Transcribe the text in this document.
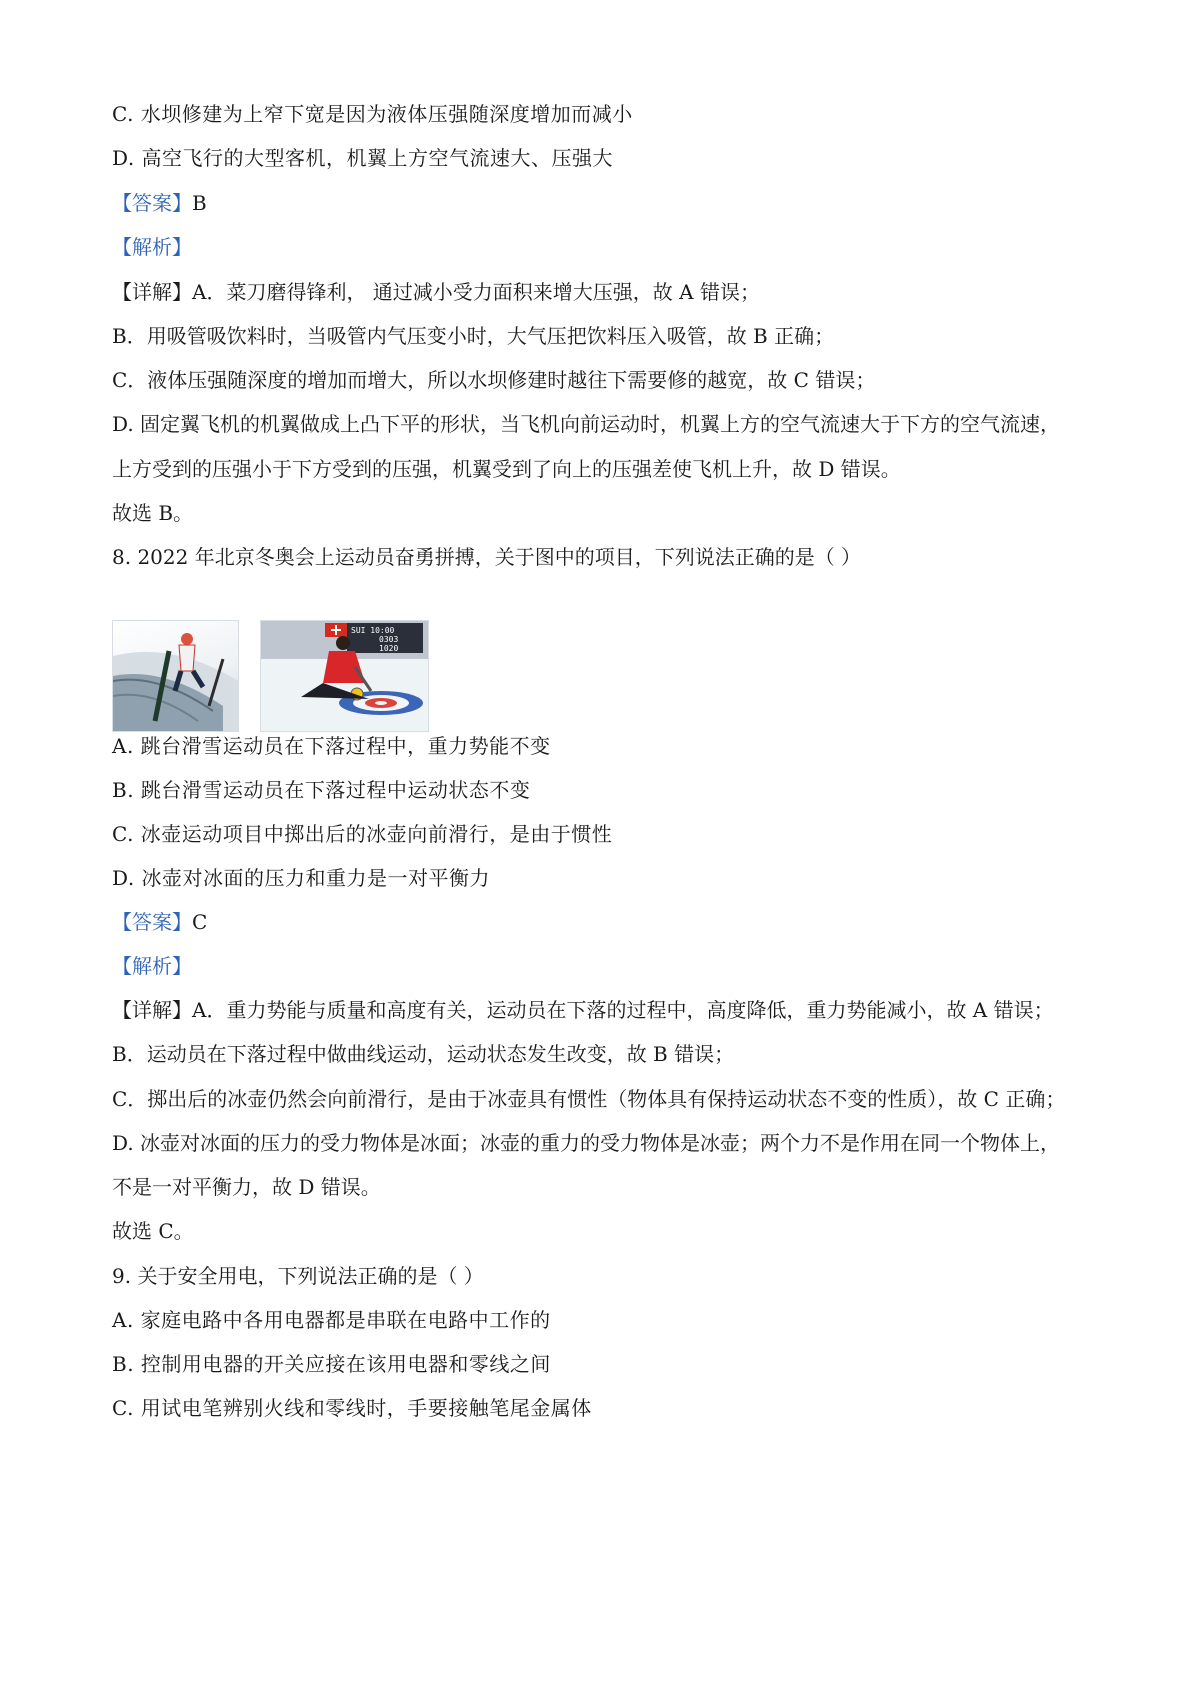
C. 水坝修建为上窄下宽是因为液体压强随深度增加而减小
D. 高空飞行的大型客机，机翼上方空气流速大、压强大
【答案】B
【解析】
【详解】A．菜刀磨得锋利， 通过减小受力面积来增大压强，故 A 错误；
B．用吸管吸饮料时，当吸管内气压变小时，大气压把饮料压入吸管，故 B 正确；
C．液体压强随深度的增加而增大，所以水坝修建时越往下需要修的越宽，故 C 错误；
D. 固定翼飞机的机翼做成上凸下平的形状，当飞机向前运动时，机翼上方的空气流速大于下方的空气流速，
上方受到的压强小于下方受到的压强，机翼受到了向上的压强差使飞机上升，故 D 错误。
故选 B。
8. 2022 年北京冬奥会上运动员奋勇拼搏，关于图中的项目，下列说法正确的是（ ）
SUI 10:00
0303
1020
A. 跳台滑雪运动员在下落过程中，重力势能不变
B. 跳台滑雪运动员在下落过程中运动状态不变
C. 冰壶运动项目中掷出后的冰壶向前滑行，是由于惯性
D. 冰壶对冰面的压力和重力是一对平衡力
【答案】C
【解析】
【详解】A．重力势能与质量和高度有关，运动员在下落的过程中，高度降低，重力势能减小，故 A 错误；
B．运动员在下落过程中做曲线运动，运动状态发生改变，故 B 错误；
C．掷出后的冰壶仍然会向前滑行，是由于冰壶具有惯性（物体具有保持运动状态不变的性质），故 C 正确；
D. 冰壶对冰面的压力的受力物体是冰面；冰壶的重力的受力物体是冰壶；两个力不是作用在同一个物体上，
不是一对平衡力，故 D 错误。
故选 C。
9. 关于安全用电，下列说法正确的是（ ）
A. 家庭电路中各用电器都是串联在电路中工作的
B. 控制用电器的开关应接在该用电器和零线之间
C. 用试电笔辨别火线和零线时，手要接触笔尾金属体
